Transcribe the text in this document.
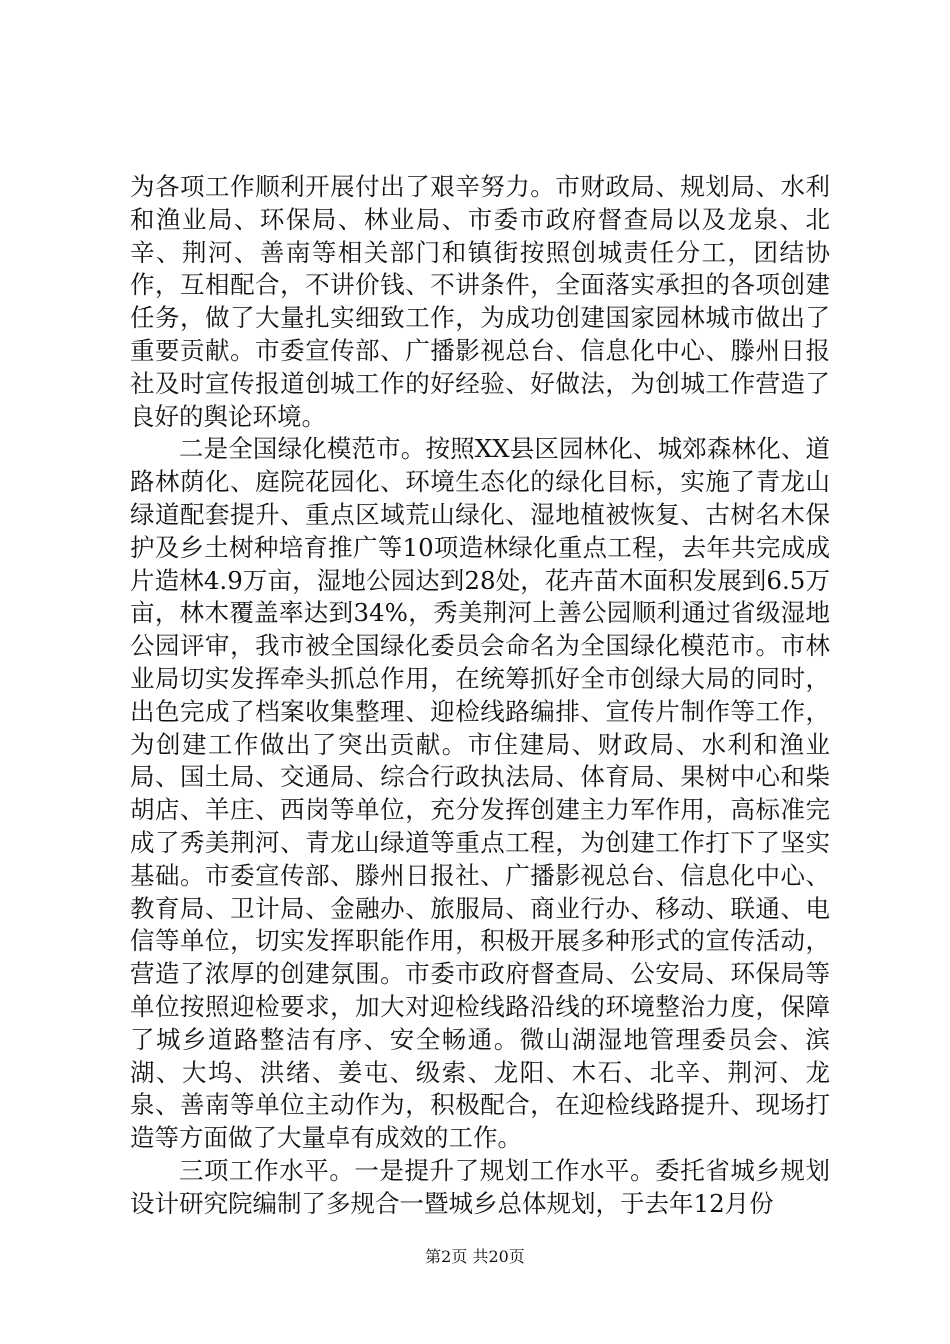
为各项工作顺利开展付出了艰辛努力。市财政局、规划局、水利和渔业局、环保局、林业局、市委市政府督查局以及龙泉、北辛、荆河、善南等相关部门和镇街按照创城责任分工，团结协作，互相配合，不讲价钱、不讲条件，全面落实承担的各项创建任务，做了大量扎实细致工作，为成功创建国家园林城市做出了重要贡献。市委宣传部、广播影视总台、信息化中心、滕州日报社及时宣传报道创城工作的好经验、好做法，为创城工作营造了良好的舆论环境。

二是全国绿化模范市。按照XX县区园林化、城郊森林化、道路林荫化、庭院花园化、环境生态化的绿化目标，实施了青龙山绿道配套提升、重点区域荒山绿化、湿地植被恢复、古树名木保护及乡土树种培育推广等10项造林绿化重点工程，去年共完成成片造林4.9万亩，湿地公园达到28处，花卉苗木面积发展到6.5万亩，林木覆盖率达到34%，秀美荆河上善公园顺利通过省级湿地公园评审，我市被全国绿化委员会命名为全国绿化模范市。市林业局切实发挥牵头抓总作用，在统筹抓好全市创绿大局的同时，出色完成了档案收集整理、迎检线路编排、宣传片制作等工作，为创建工作做出了突出贡献。市住建局、财政局、水利和渔业局、国土局、交通局、综合行政执法局、体育局、果树中心和柴胡店、羊庄、西岗等单位，充分发挥创建主力军作用，高标准完成了秀美荆河、青龙山绿道等重点工程，为创建工作打下了坚实基础。市委宣传部、滕州日报社、广播影视总台、信息化中心、教育局、卫计局、金融办、旅服局、商业行办、移动、联通、电信等单位，切实发挥职能作用，积极开展多种形式的宣传活动，营造了浓厚的创建氛围。市委市政府督查局、公安局、环保局等单位按照迎检要求，加大对迎检线路沿线的环境整治力度，保障了城乡道路整洁有序、安全畅通。微山湖湿地管理委员会、滨湖、大坞、洪绪、姜屯、级索、龙阳、木石、北辛、荆河、龙泉、善南等单位主动作为，积极配合，在迎检线路提升、现场打造等方面做了大量卓有成效的工作。

三项工作水平。一是提升了规划工作水平。委托省城乡规划设计研究院编制了多规合一暨城乡总体规划，于去年12月份

第2页 共20页
